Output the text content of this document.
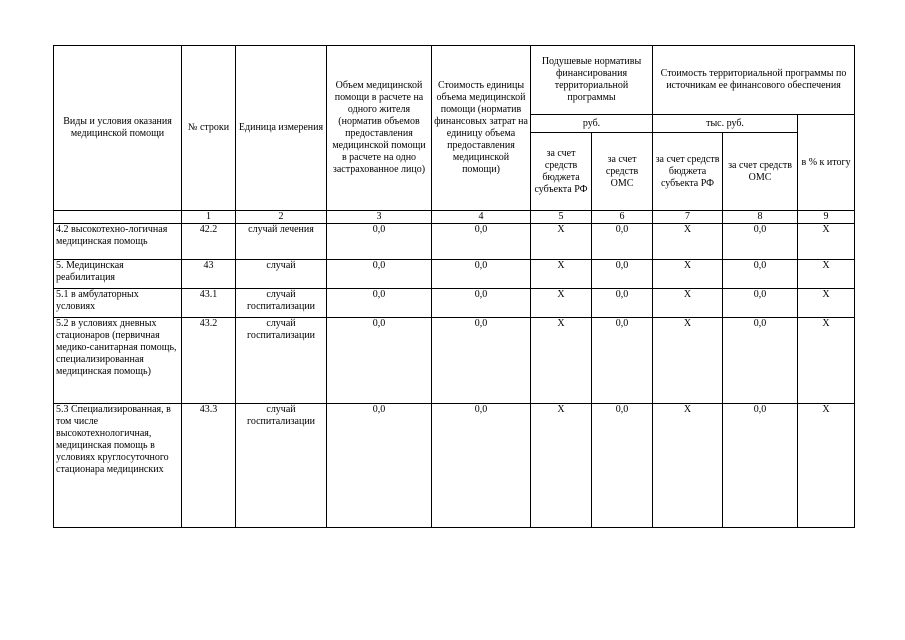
Виды и условия оказания медицинской помощи	№ строки	Единица измерения	Объем медицинской помощи в расчете на одного жителя (норматив объемов предоставления медицинской помощи в расчете на одно застрахованное лицо)	Стоимость единицы объема медицинской помощи (норматив финансовых затрат на единицу объема предоставления медицинской помощи)	Подушевые нормативы финансирования территориальной программы		Стоимость территориальной программы по источникам ее финансового обеспечения		
					руб.		тыс. руб.		в % к итогу
					за счет средств бюджета субъекта РФ	за счет средств ОМС	за счет средств бюджета субъекта РФ	за счет средств ОМС	
	1	2	3	4	5	6	7	8	9
4.2 высокотехно-логичная медицинская помощь	42.2	случай лечения	0,0	0,0	X	0,0	X	0,0	X
5. Медицинская реабилитация	43	случай	0,0	0,0	X	0,0	X	0,0	X
5.1 в амбулаторных условиях	43.1	случай госпитализации	0,0	0,0	X	0,0	X	0,0	X
5.2 в условиях дневных стационаров (первичная медико-санитарная помощь, специализированная медицинская помощь)	43.2	случай госпитализации	0,0	0,0	X	0,0	X	0,0	X
5.3 Специализированная, в том числе высокотехнологичная, медицинская помощь в условиях круглосуточного стационара медицинских	43.3	случай госпитализации	0,0	0,0	X	0,0	X	0,0	X
